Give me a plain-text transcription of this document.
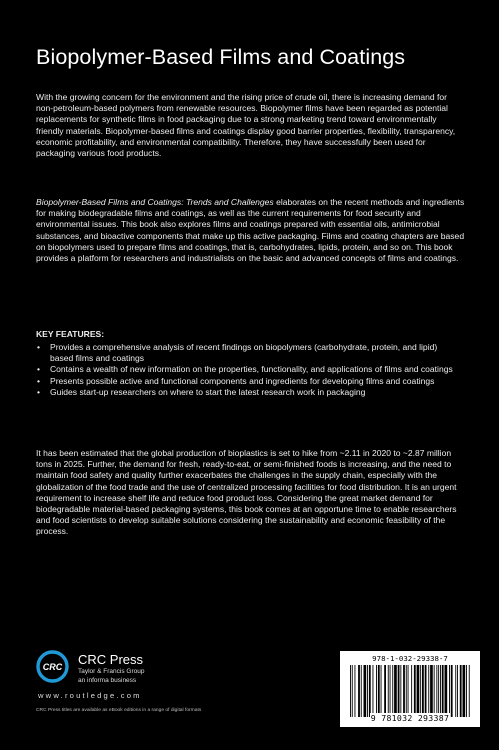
Biopolymer-Based Films and Coatings

With the growing concern for the environment and the rising price of crude oil, there is increasing demand for non-petroleum-based polymers from renewable resources. Biopolymer films have been regarded as potential replacements for synthetic films in food packaging due to a strong marketing trend toward environmentally friendly materials. Biopolymer-based films and coatings display good barrier properties, flexibility, transparency, economic profitability, and environmental compatibility. Therefore, they have successfully been used for packaging various food products.

Biopolymer-Based Films and Coatings: Trends and Challenges elaborates on the recent methods and ingredients for making biodegradable films and coatings, as well as the current requirements for food security and environmental issues. This book also explores films and coatings prepared with essential oils, antimicrobial substances, and bioactive components that make up this active packaging. Films and coating chapters are based on biopolymers used to prepare films and coatings, that is, carbohydrates, lipids, protein, and so on. This book provides a platform for researchers and industrialists on the basic and advanced concepts of films and coatings.

KEY FEATURES:

• Provides a comprehensive analysis of recent findings on biopolymers (carbohydrate, protein, and lipid) based films and coatings
• Contains a wealth of new information on the properties, functionality, and applications of films and coatings
• Presents possible active and functional components and ingredients for developing films and coatings
• Guides start-up researchers on where to start the latest research work in packaging

It has been estimated that the global production of bioplastics is set to hike from ~2.11 in 2020 to ~2.87 million tons in 2025. Further, the demand for fresh, ready-to-eat, or semi-finished foods is increasing, and the need to maintain food safety and quality further exacerbates the challenges in the supply chain, especially with the globalization of the food trade and the use of centralized processing facilities for food distribution. It is an urgent requirement to increase shelf life and reduce food product loss. Considering the great market demand for biodegradable material-based packaging systems, this book comes at an opportune time to enable researchers and food scientists to develop suitable solutions considering the sustainability and economic feasibility of the process.

CRC CRC Press
Taylor & Francis Group
an informa business
www.routledge.com
CRC Press titles are available as eBook editions in a range of digital formats
978-1-032-29338-7
9 781032 293387
